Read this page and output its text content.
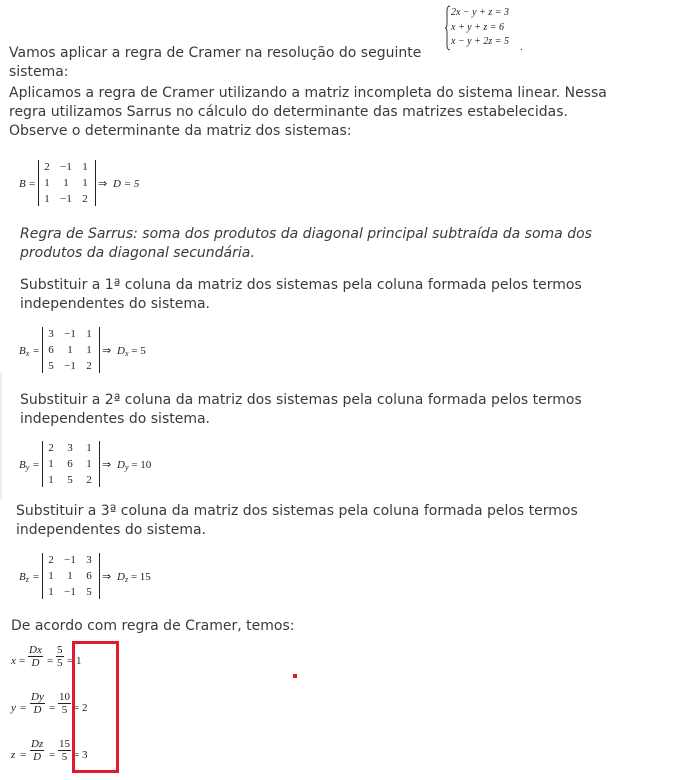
Vamos aplicar a regra de Cramer na resolução do seguinte sistema:
2x − y + z = 3
x + y + z = 6
x − y + 2z = 5 .
Aplicamos a regra de Cramer utilizando a matriz incompleta do sistema linear. Nessa regra utilizamos Sarrus no cálculo do determinante das matrizes estabelecidas. Observe o determinante da matriz dos sistemas:
B =
2 −1 1
1	1	1
1 −1 2
⇒ D = 5
Regra de Sarrus: soma dos produtos da diagonal principal subtraída da soma dos produtos da diagonal secundária.
Substituir a 1ª coluna da matriz dos sistemas pela coluna formada pelos termos independentes do sistema.
$B_x$ =
3 −1 1
6	1	1
5 −1 2
⇒ $D_x = 5$
Substituir a 2ª coluna da matriz dos sistemas pela coluna formada pelos termos independentes do sistema.
$B_y$ =
2	3	1
1	6	1
1	5	2
⇒ $D_y = 10$
Substituir a 3ª coluna da matriz dos sistemas pela coluna formada pelos termos independentes do sistema.
$B_z$ =
2 −1 3
1	1	6
1 −1 5
⇒ $D_z = 15$
De acordo com regra de Cramer, temos:
$x = \frac{Dx}{D} = \frac{5}{5} = 1$
$y = \frac{Dy}{D} = \frac{10}{5} = 2$
$z = \frac{Dz}{D} = \frac{15}{5} = 3$
